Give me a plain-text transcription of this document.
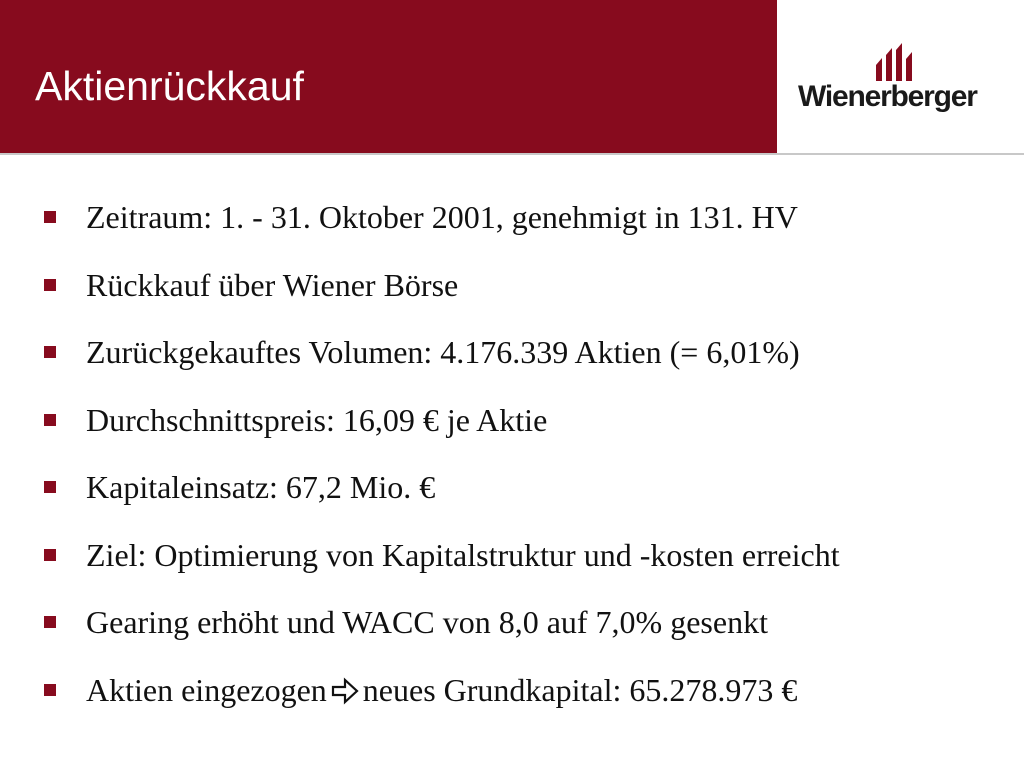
Aktienrückkauf	Wienerberger
Zeitraum: 1. - 31. Oktober 2001, genehmigt in 131. HV
Rückkauf über Wiener Börse
Zurückgekauftes Volumen: 4.176.339 Aktien (= 6,01%)
Durchschnittspreis: 16,09 € je Aktie
Kapitaleinsatz: 67,2 Mio. €
Ziel: Optimierung von Kapitalstruktur und -kosten erreicht
Gearing erhöht und WACC von 8,0 auf 7,0% gesenkt
Aktien eingezogen neues Grundkapital: 65.278.973 €
